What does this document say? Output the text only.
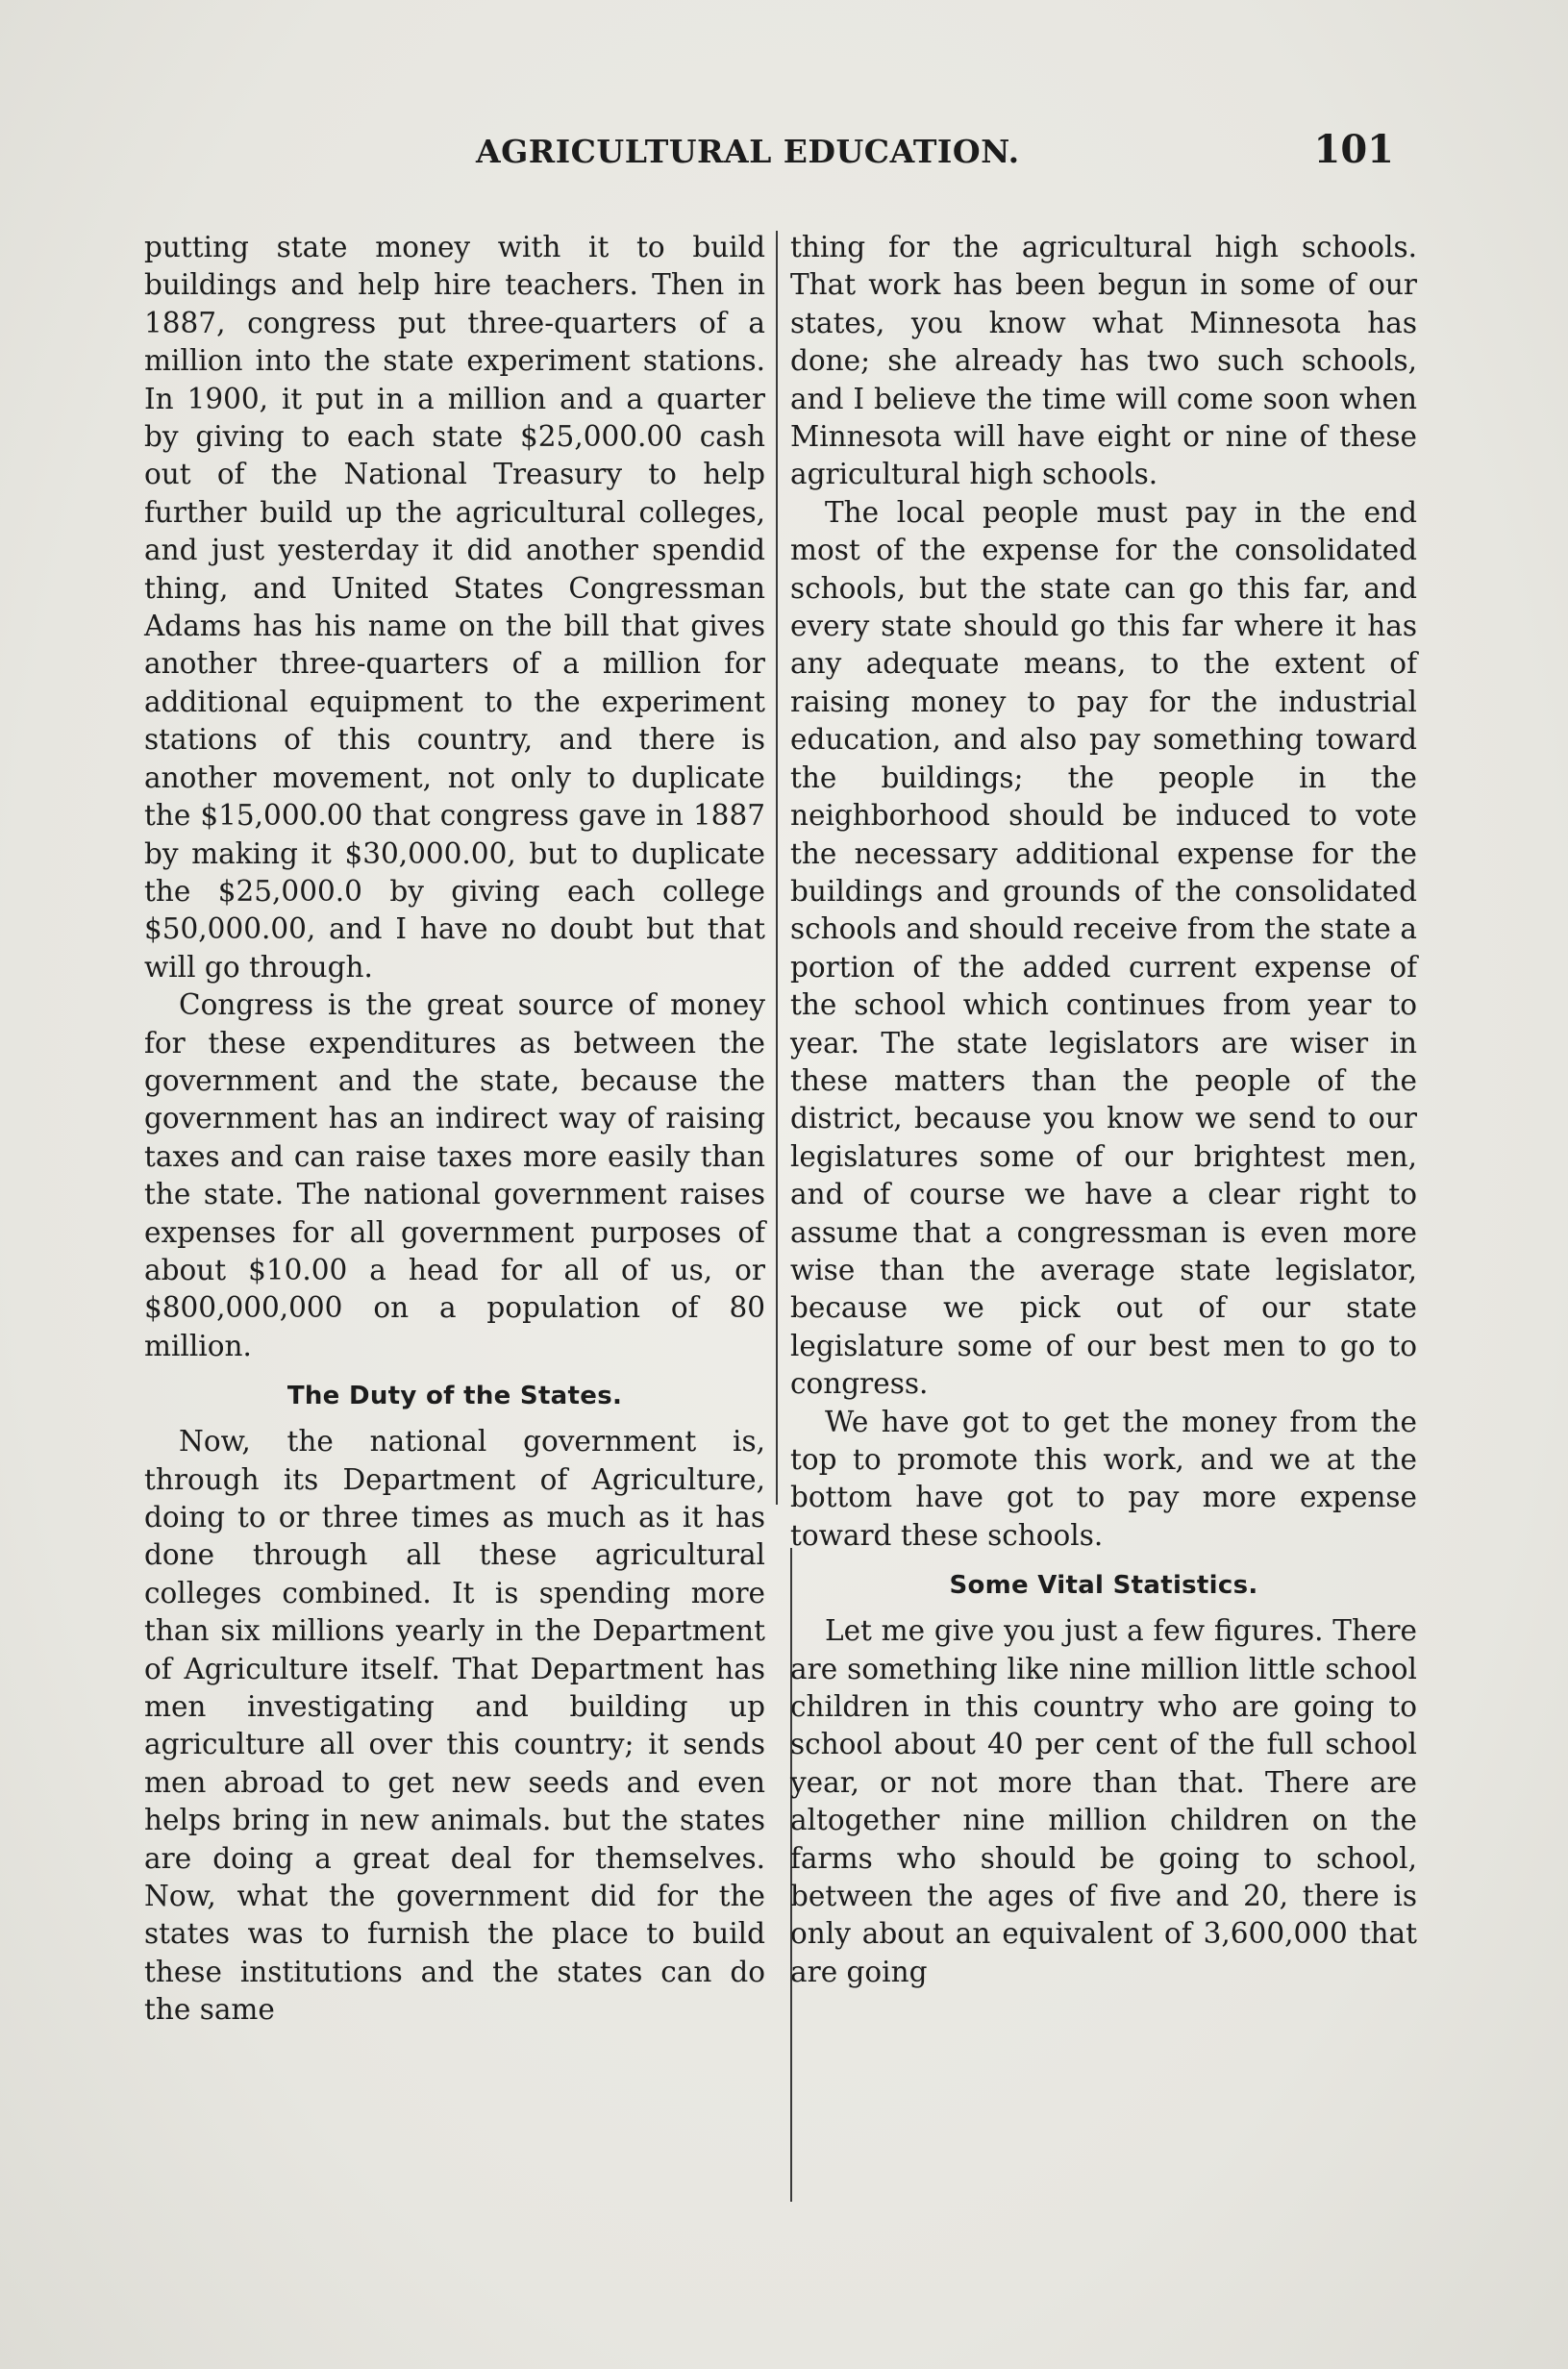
AGRICULTURAL EDUCATION.	101

putting state money with it to build buildings and help hire teachers. Then in 1887, congress put three-quarters of a million into the state experiment stations. In 1900, it put in a million and a quarter by giving to each state $25,000.00 cash out of the National Treasury to help further build up the agricultural colleges, and just yesterday it did another spendid thing, and United States Congressman Adams has his name on the bill that gives another three-quarters of a million for additional equipment to the experiment stations of this country, and there is another movement, not only to duplicate the $15,000.00 that congress gave in 1887 by making it $30,000.00, but to duplicate the $25,000.0 by giving each college $50,000.00, and I have no doubt but that will go through.

Congress is the great source of money for these expenditures as between the government and the state, because the government has an indirect way of raising taxes and can raise taxes more easily than the state. The national government raises expenses for all government purposes of about $10.00 a head for all of us, or $800,000,000 on a population of 80 million.

The Duty of the States.

Now, the national government is, through its Department of Agriculture, doing to or three times as much as it has done through all these agricultural colleges combined. It is spending more than six millions yearly in the Department of Agriculture itself. That Department has men investigating and building up agriculture all over this country; it sends men abroad to get new seeds and even helps bring in new animals. but the states are doing a great deal for themselves. Now, what the government did for the states was to furnish the place to build these institutions and the states can do the same

thing for the agricultural high schools. That work has been begun in some of our states, you know what Minnesota has done; she already has two such schools, and I believe the time will come soon when Minnesota will have eight or nine of these agricultural high schools.

The local people must pay in the end most of the expense for the consolidated schools, but the state can go this far, and every state should go this far where it has any adequate means, to the extent of raising money to pay for the industrial education, and also pay something toward the buildings; the people in the neighborhood should be induced to vote the necessary additional expense for the buildings and grounds of the consolidated schools and should receive from the state a portion of the added current expense of the school which continues from year to year. The state legislators are wiser in these matters than the people of the district, because you know we send to our legislatures some of our brightest men, and of course we have a clear right to assume that a congressman is even more wise than the average state legislator, because we pick out of our state legislature some of our best men to go to congress.

We have got to get the money from the top to promote this work, and we at the bottom have got to pay more expense toward these schools.

Some Vital Statistics.

Let me give you just a few figures. There are something like nine million little school children in this country who are going to school about 40 per cent of the full school year, or not more than that. There are altogether nine million children on the farms who should be going to school, between the ages of five and 20, there is only about an equivalent of 3,600,000 that are going
